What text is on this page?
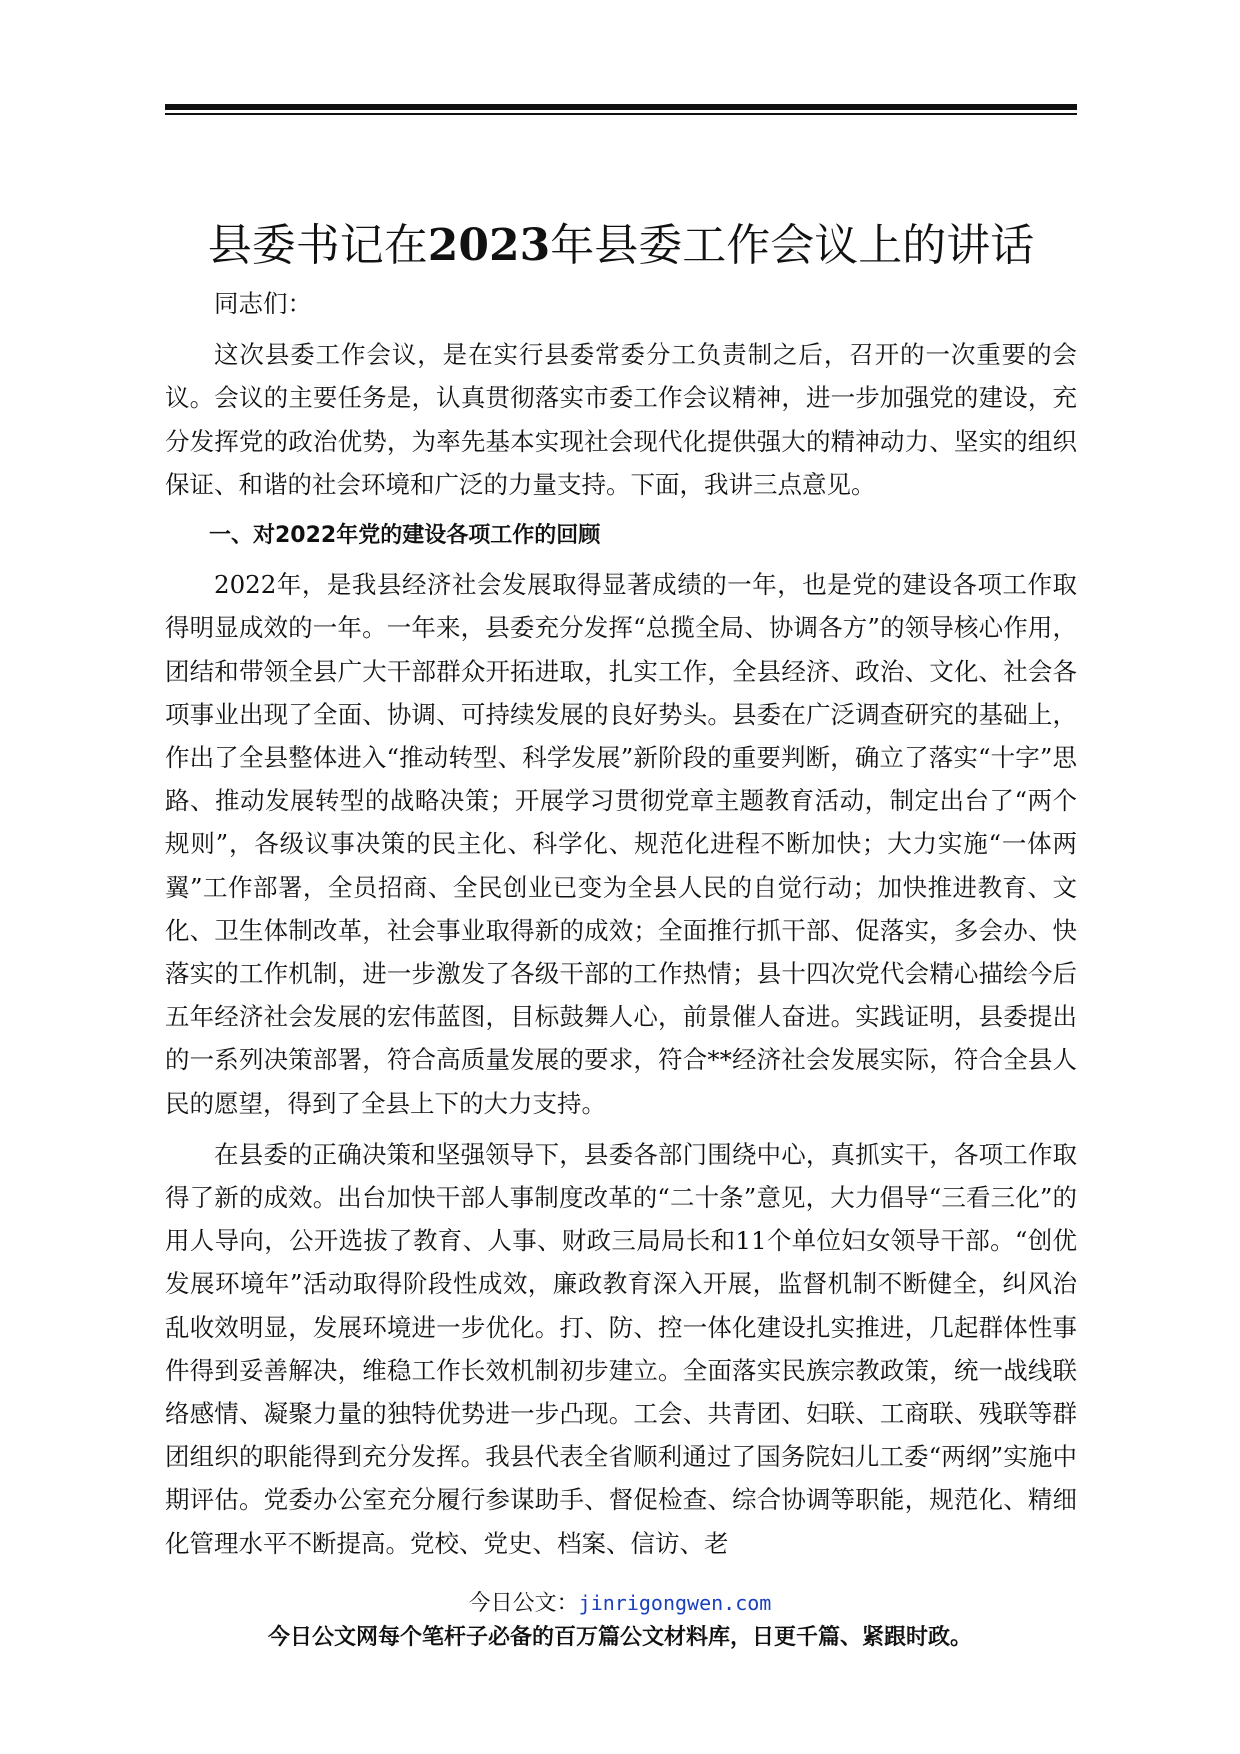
县委书记在2023年县委工作会议上的讲话

同志们：

这次县委工作会议，是在实行县委常委分工负责制之后，召开的一次重要的会议。会议的主要任务是，认真贯彻落实市委工作会议精神，进一步加强党的建设，充分发挥党的政治优势，为率先基本实现社会现代化提供强大的精神动力、坚实的组织保证、和谐的社会环境和广泛的力量支持。下面，我讲三点意见。

一、对2022年党的建设各项工作的回顾

2022年，是我县经济社会发展取得显著成绩的一年，也是党的建设各项工作取得明显成效的一年。一年来，县委充分发挥“总揽全局、协调各方”的领导核心作用，团结和带领全县广大干部群众开拓进取，扎实工作，全县经济、政治、文化、社会各项事业出现了全面、协调、可持续发展的良好势头。县委在广泛调查研究的基础上，作出了全县整体进入“推动转型、科学发展”新阶段的重要判断，确立了落实“十字”思路、推动发展转型的战略决策；开展学习贯彻党章主题教育活动，制定出台了“两个规则”，各级议事决策的民主化、科学化、规范化进程不断加快；大力实施“一体两翼”工作部署，全员招商、全民创业已变为全县人民的自觉行动；加快推进教育、文化、卫生体制改革，社会事业取得新的成效；全面推行抓干部、促落实，多会办、快落实的工作机制，进一步激发了各级干部的工作热情；县十四次党代会精心描绘今后五年经济社会发展的宏伟蓝图，目标鼓舞人心，前景催人奋进。实践证明，县委提出的一系列决策部署，符合高质量发展的要求，符合**经济社会发展实际，符合全县人民的愿望，得到了全县上下的大力支持。

在县委的正确决策和坚强领导下，县委各部门围绕中心，真抓实干，各项工作取得了新的成效。出台加快干部人事制度改革的“二十条”意见，大力倡导“三看三化”的用人导向，公开选拔了教育、人事、财政三局局长和11个单位妇女领导干部。“创优发展环境年”活动取得阶段性成效，廉政教育深入开展，监督机制不断健全，纠风治乱收效明显，发展环境进一步优化。打、防、控一体化建设扎实推进，几起群体性事件得到妥善解决，维稳工作长效机制初步建立。全面落实民族宗教政策，统一战线联络感情、凝聚力量的独特优势进一步凸现。工会、共青团、妇联、工商联、残联等群团组织的职能得到充分发挥。我县代表全省顺利通过了国务院妇儿工委“两纲”实施中期评估。党委办公室充分履行参谋助手、督促检查、综合协调等职能，规范化、精细化管理水平不断提高。党校、党史、档案、信访、老

今日公文：jinrigongwen.com
今日公文网每个笔杆子必备的百万篇公文材料库，日更千篇、紧跟时政。
